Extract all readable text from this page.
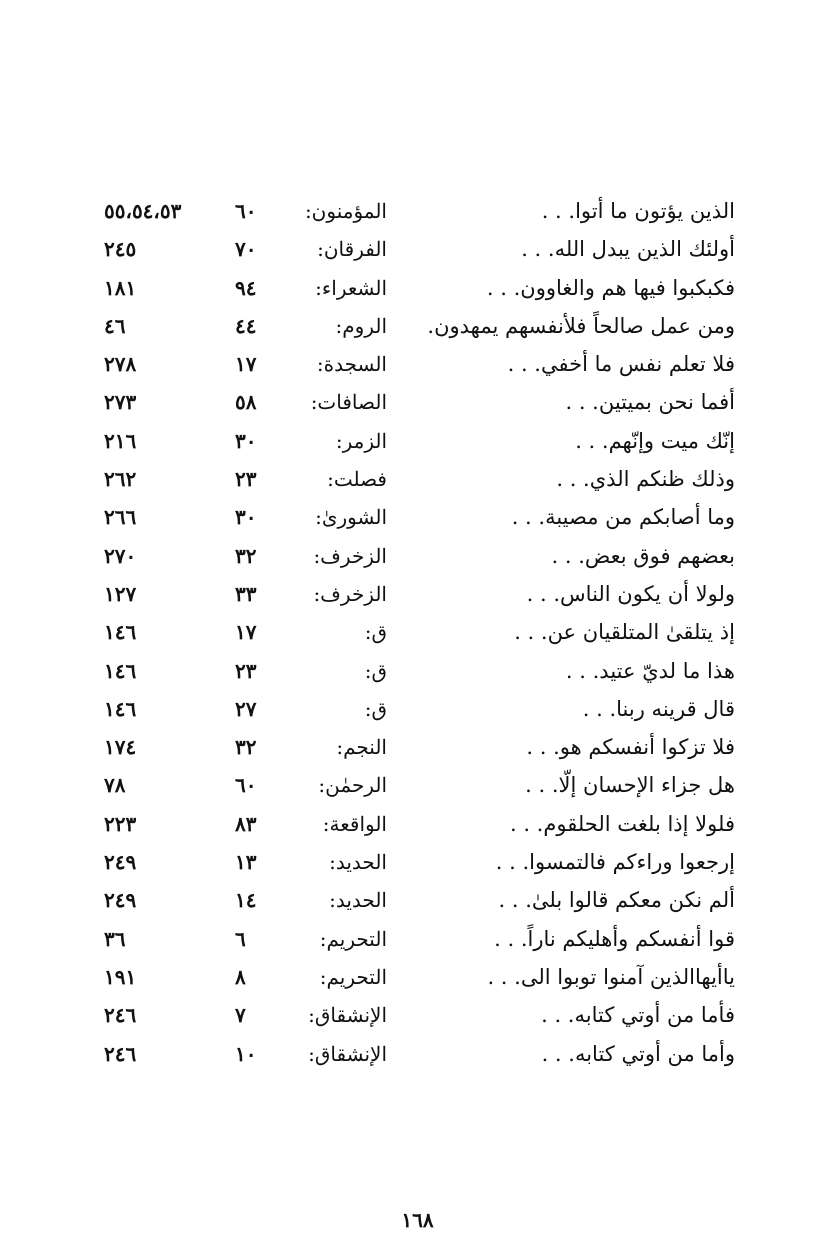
الذين يؤتون ما أتوا. . .
المؤمنون:
٦٠
٥٥،٥٤،٥٣
أولئك الذين يبدل الله. . .
الفرقان:
٧٠
٢٤٥
فكبكبوا فيها هم والغاوون. . .
الشعراء:
٩٤
١٨١
ومن عمل صالحاً فلأنفسهم يمهدون.
الروم:
٤٤
٤٦
فلا تعلم نفس ما أخفي. . .
السجدة:
١٧
٢٧٨
أفما نحن بميتين. . .
الصافات:
٥٨
٢٧٣
إنّك ميت وإنّهم. . .
الزمر:
٣٠
٢١٦
وذلك ظنكم الذي. . .
فصلت:
٢٣
٢٦٢
وما أصابكم من مصيبة. . .
الشورىٰ:
٣٠
٢٦٦
بعضهم فوق بعض. . .
الزخرف:
٣٢
٢٧٠
ولولا أن يكون الناس. . .
الزخرف:
٣٣
١٢٧
إذ يتلقىٰ المتلقيان عن. . .
ق:
١٧
١٤٦
هذا ما لديّ عتيد. . .
ق:
٢٣
١٤٦
قال قرينه ربنا. . .
ق:
٢٧
١٤٦
فلا تزكوا أنفسكم هو. . .
النجم:
٣٢
١٧٤
هل جزاء الإحسان إلّا. . .
الرحمٰن:
٦٠
٧٨
فلولا إذا بلغت الحلقوم. . .
الواقعة:
٨٣
٢٢٣
إرجعوا وراءكم فالتمسوا. . .
الحديد:
١٣
٢٤٩
ألم نكن معكم قالوا بلىٰ. . .
الحديد:
١٤
٢٤٩
قوا أنفسكم وأهليكم ناراً. . .
التحريم:
٦
٣٦
ياأيهاالذين آمنوا توبوا الى. . .
التحريم:
٨
١٩١
فأما من أوتي كتابه. . .
الإنشقاق:
٧
٢٤٦
وأما من أوتي كتابه. . .
الإنشقاق:
١٠
٢٤٦
١٦٨
